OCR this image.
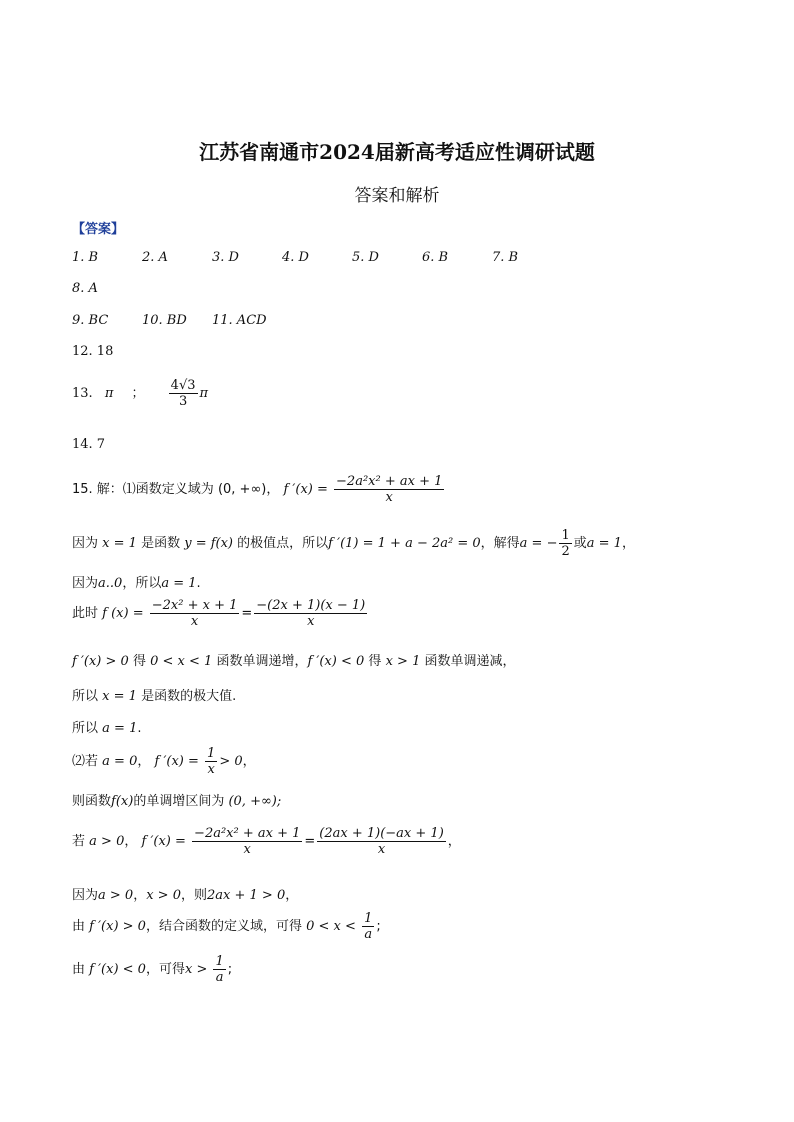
江苏省南通市2024届新高考适应性调研试题
答案和解析
【答案】
1. B	2. A	3. D	4. D	5. D	6. B	7. B
8. A
9. BC	10. BD 11. ACD
12. 18
13. π ； $\frac{4√3}{3}$ π
14. 7
15. 解：⑴函数定义域为 (0, +∞)， f $'(x) = \frac{\text{−2a²x² + ax + 1}}{x}$
因为 x = 1 是函数 y = f(x) 的极值点，所以f ′(1) = 1 + a − 2a² = 0，解得a = − $\frac{1}{2}$ 或a = 1，
因为a..0，所以a = 1.
此时 f $(x) = \frac{\text{−2x² + x + 1}}{x} = \frac{-(2x + 1)(x - 1)}{x}$
f ′(x) > 0 得 0 < x < 1 函数单调递增，f ′(x) < 0 得 x > 1 函数单调递减，
所以 x = 1 是函数的极大值.
所以 a = 1.
⑵若 a = 0， f $'(x) = \frac{1}{x} > 0$，
则函数f(x)的单调增区间为 (0, +∞);
若 a > 0， f $'(x) = \frac{\text{−2a²x² + ax + 1}}{x} = \frac{(2ax + 1)(-ax + 1)}{x}$ ，
因为a > 0，x > 0，则2ax + 1 > 0，
由 f ′(x) > 0，结合函数的定义域，可得 $0 < x < \frac{1}{a}$ ;
由 f ′(x) < 0，可得$x > \frac{1}{a}$ ;
